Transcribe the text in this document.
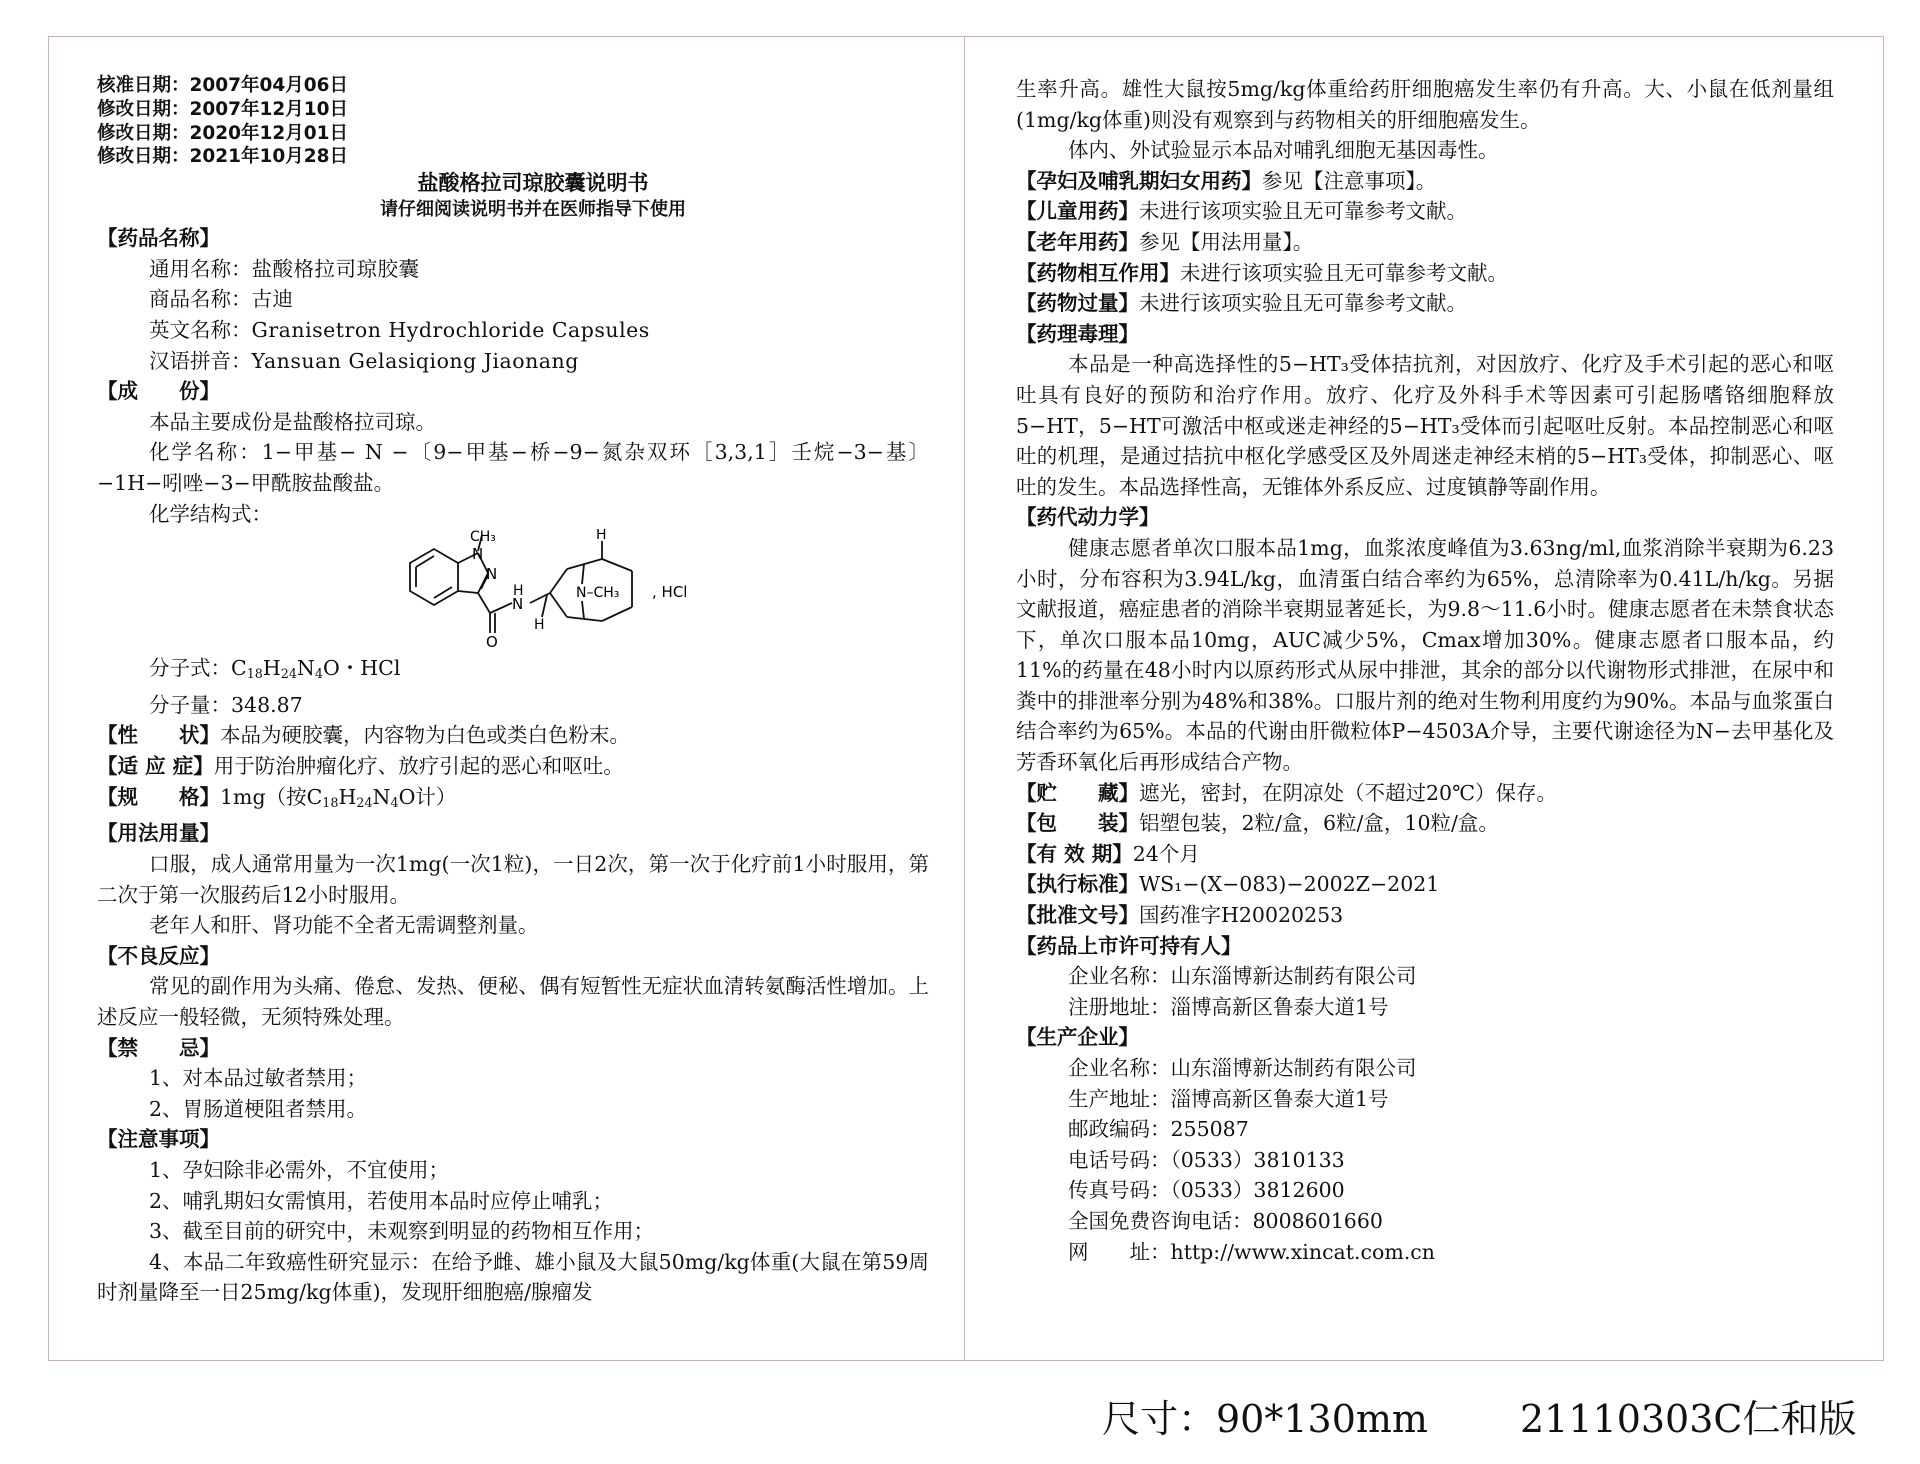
核准日期：2007年04月06日
修改日期：2007年12月10日
修改日期：2020年12月01日
修改日期：2021年10月28日
盐酸格拉司琼胶囊说明书
请仔细阅读说明书并在医师指导下使用
【药品名称】
通用名称：盐酸格拉司琼胶囊
商品名称：古迪
英文名称：Granisetron Hydrochloride Capsules
汉语拼音：Yansuan Gelasiqiong Jiaonang
【成　　份】
本品主要成份是盐酸格拉司琼。
化学名称：1−甲基− N −〔9−甲基−桥−9−氮杂双环［3,3,1］壬烷−3−基〕−1H−吲唑−3−甲酰胺盐酸盐。
化学结构式：
CH₃
N
N
H
N
O
H
H
N–CH₃ , HCl
分子式：$C_{18}H_{24}N_4O$・HCl
分子量：348.87
【性　　状】本品为硬胶囊，内容物为白色或类白色粉末。
【适 应 症】用于防治肿瘤化疗、放疗引起的恶心和呕吐。
【规　　格】1mg（按$C_{18}H_{24}N_4O$计）
【用法用量】
口服，成人通常用量为一次1mg(一次1粒)，一日2次，第一次于化疗前1小时服用，第二次于第一次服药后12小时服用。
老年人和肝、肾功能不全者无需调整剂量。
【不良反应】
常见的副作用为头痛、倦怠、发热、便秘、偶有短暂性无症状血清转氨酶活性增加。上述反应一般轻微，无须特殊处理。
【禁　　忌】
1、对本品过敏者禁用；
2、胃肠道梗阻者禁用。
【注意事项】
1、孕妇除非必需外，不宜使用；
2、哺乳期妇女需慎用，若使用本品时应停止哺乳；
3、截至目前的研究中，未观察到明显的药物相互作用；
4、本品二年致癌性研究显示：在给予雌、雄小鼠及大鼠50mg/kg体重(大鼠在第59周时剂量降至一日25mg/kg体重)，发现肝细胞癌/腺瘤发
生率升高。雄性大鼠按5mg/kg体重给药肝细胞癌发生率仍有升高。大、小鼠在低剂量组(1mg/kg体重)则没有观察到与药物相关的肝细胞癌发生。
体内、外试验显示本品对哺乳细胞无基因毒性。
【孕妇及哺乳期妇女用药】参见【注意事项】。
【儿童用药】未进行该项实验且无可靠参考文献。
【老年用药】参见【用法用量】。
【药物相互作用】未进行该项实验且无可靠参考文献。
【药物过量】未进行该项实验且无可靠参考文献。
【药理毒理】
本品是一种高选择性的5−HT₃受体拮抗剂，对因放疗、化疗及手术引起的恶心和呕吐具有良好的预防和治疗作用。放疗、化疗及外科手术等因素可引起肠嗜铬细胞释放5−HT，5−HT可激活中枢或迷走神经的5−HT₃受体而引起呕吐反射。本品控制恶心和呕吐的机理，是通过拮抗中枢化学感受区及外周迷走神经末梢的5−HT₃受体，抑制恶心、呕吐的发生。本品选择性高，无锥体外系反应、过度镇静等副作用。
【药代动力学】
健康志愿者单次口服本品1mg，血浆浓度峰值为3.63ng/ml,血浆消除半衰期为6.23小时，分布容积为3.94L/kg，血清蛋白结合率约为65%，总清除率为0.41L/h/kg。另据文献报道，癌症患者的消除半衰期显著延长，为9.8～11.6小时。健康志愿者在未禁食状态下，单次口服本品10mg，AUC减少5%，Cmax增加30%。健康志愿者口服本品，约11%的药量在48小时内以原药形式从尿中排泄，其余的部分以代谢物形式排泄，在尿中和粪中的排泄率分别为48%和38%。口服片剂的绝对生物利用度约为90%。本品与血浆蛋白结合率约为65%。本品的代谢由肝微粒体P−4503A介导，主要代谢途径为N−去甲基化及芳香环氧化后再形成结合产物。
【贮　　藏】遮光，密封，在阴凉处（不超过20℃）保存。
【包　　装】铝塑包装，2粒/盒，6粒/盒，10粒/盒。
【有 效 期】24个月
【执行标准】WS₁−(X−083)−2002Z−2021
【批准文号】国药准字H20020253
【药品上市许可持有人】
企业名称：山东淄博新达制药有限公司
注册地址：淄博高新区鲁泰大道1号
【生产企业】
企业名称：山东淄博新达制药有限公司
生产地址：淄博高新区鲁泰大道1号
邮政编码：255087
电话号码：（0533）3810133
传真号码：（0533）3812600
全国免费咨询电话：8008601660
网　　址：http://www.xincat.com.cn
尺寸：90*130mm 21110303C仁和版
